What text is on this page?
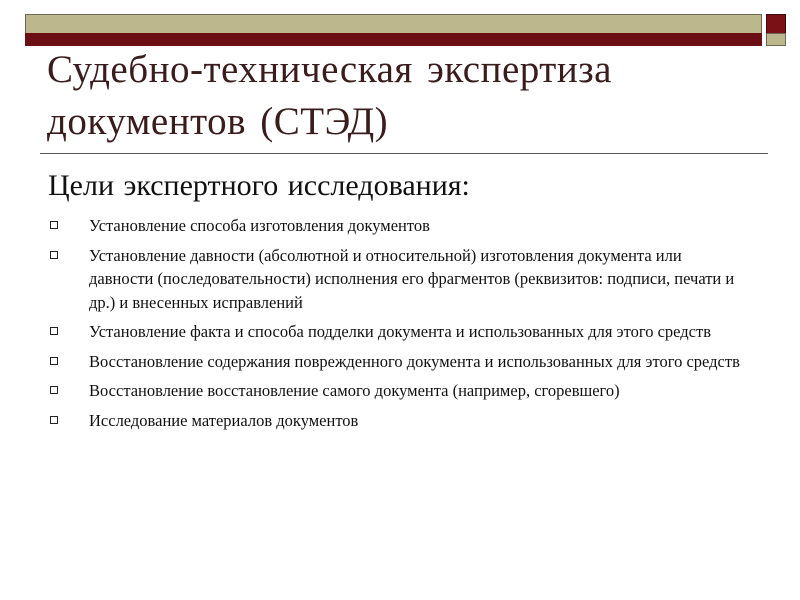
Судебно-техническая экспертиза
документов (СТЭД)
Цели экспертного исследования:
Установление способа изготовления документов
Установление давности (абсолютной и относительной) изготовления документа или давности (последовательности) исполнения его фрагментов (реквизитов: подписи, печати и др.) и внесенных исправлений
Установление факта и способа подделки документа и использованных для этого средств
Восстановление содержания поврежденного документа и использованных для этого средств
Восстановление восстановление самого документа (например, сгоревшего)
Исследование материалов документов
